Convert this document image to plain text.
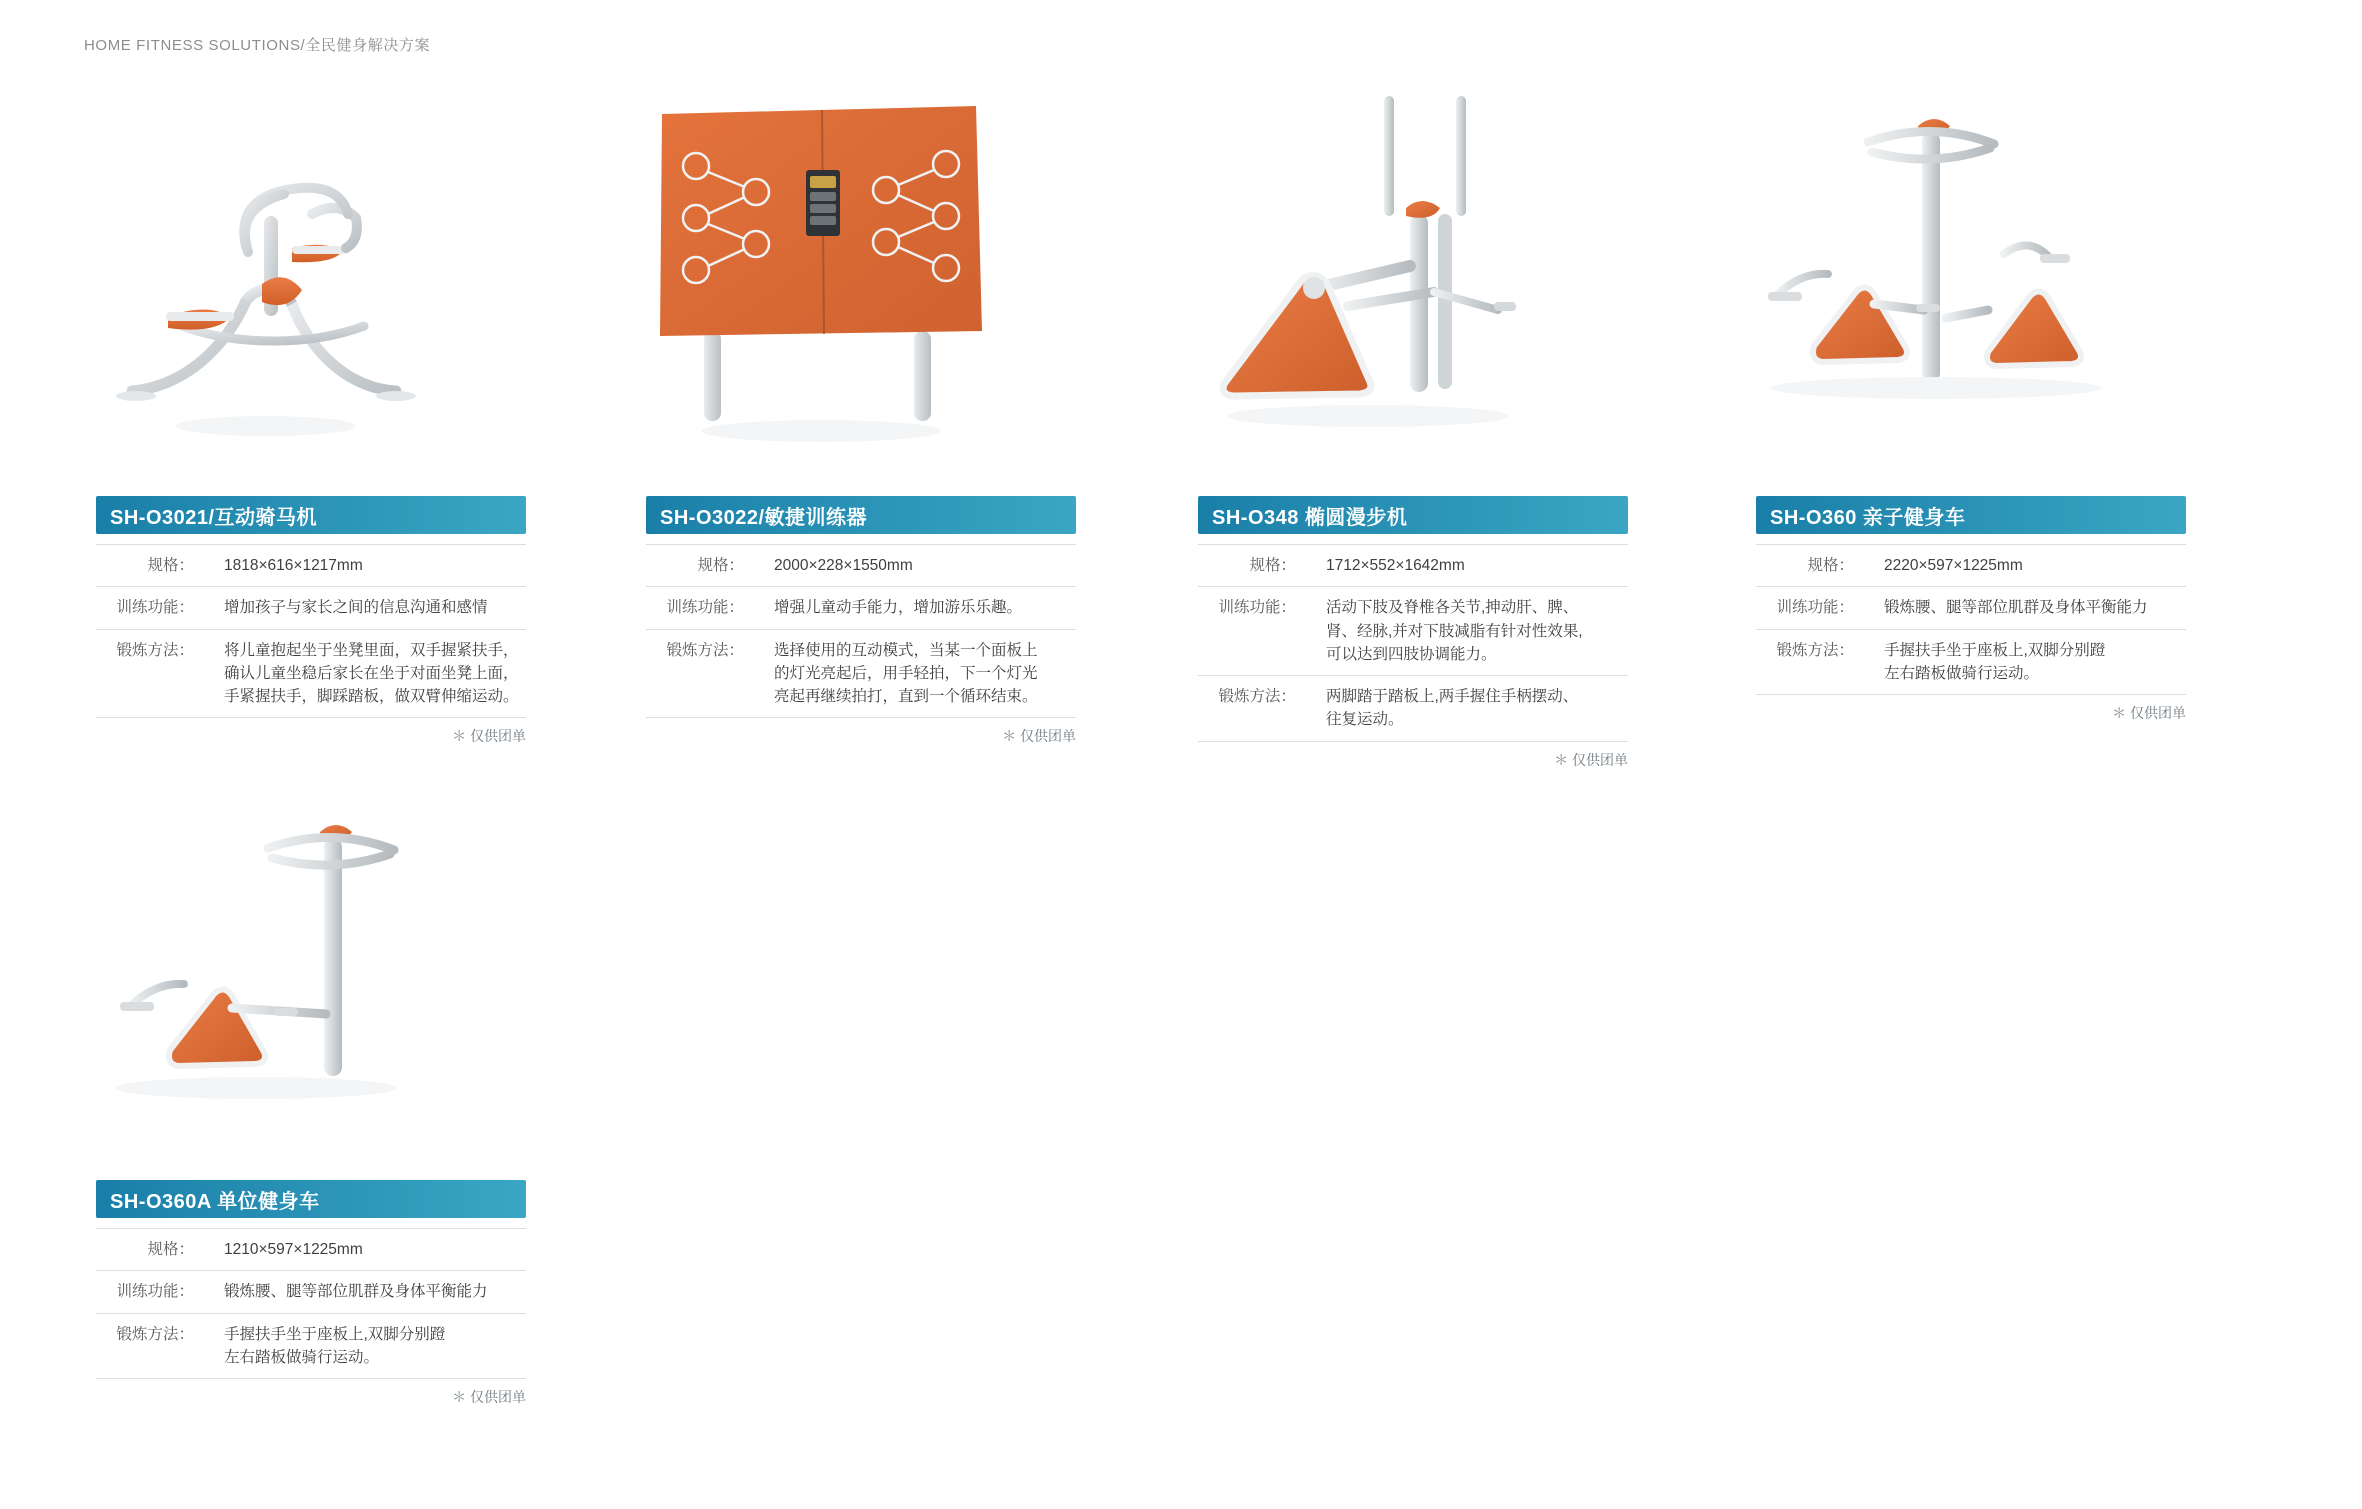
HOME FITNESS SOLUTIONS/全民健身解决方案
SH-O3021/互动骑马机
规格：	1818×616×1217mm
训练功能：	增加孩子与家长之间的信息沟通和感情

锻炼方法：	将儿童抱起坐于坐凳里面，双手握紧扶手，
确认儿童坐稳后家长在坐于对面坐凳上面，
手紧握扶手，脚踩踏板，做双臂伸缩运动。
＊ 仅供团单
SH-O3022/敏捷训练器
规格：	2000×228×1550mm
训练功能：	增强儿童动手能力，增加游乐乐趣。

锻炼方法：	选择使用的互动模式，当某一个面板上
的灯光亮起后，用手轻拍，下一个灯光
亮起再继续拍打，直到一个循环结束。
＊ 仅供团单
SH-O348 椭圆漫步机
规格：	1712×552×1642mm
训练功能：	活动下肢及脊椎各关节,抻动肝、脾、
肾、经脉,并对下肢减脂有针对性效果,
可以达到四肢协调能力。

锻炼方法：	两脚踏于踏板上,两手握住手柄摆动、
往复运动。
＊ 仅供团单
SH-O360 亲子健身车
规格：	2220×597×1225mm
训练功能：	锻炼腰、腿等部位肌群及身体平衡能力

锻炼方法：	手握扶手坐于座板上,双脚分别蹬
左右踏板做骑行运动。
＊ 仅供团单
SH-O360A 单位健身车
规格：	1210×597×1225mm
训练功能：	锻炼腰、腿等部位肌群及身体平衡能力

锻炼方法：	手握扶手坐于座板上,双脚分别蹬
左右踏板做骑行运动。
＊ 仅供团单
